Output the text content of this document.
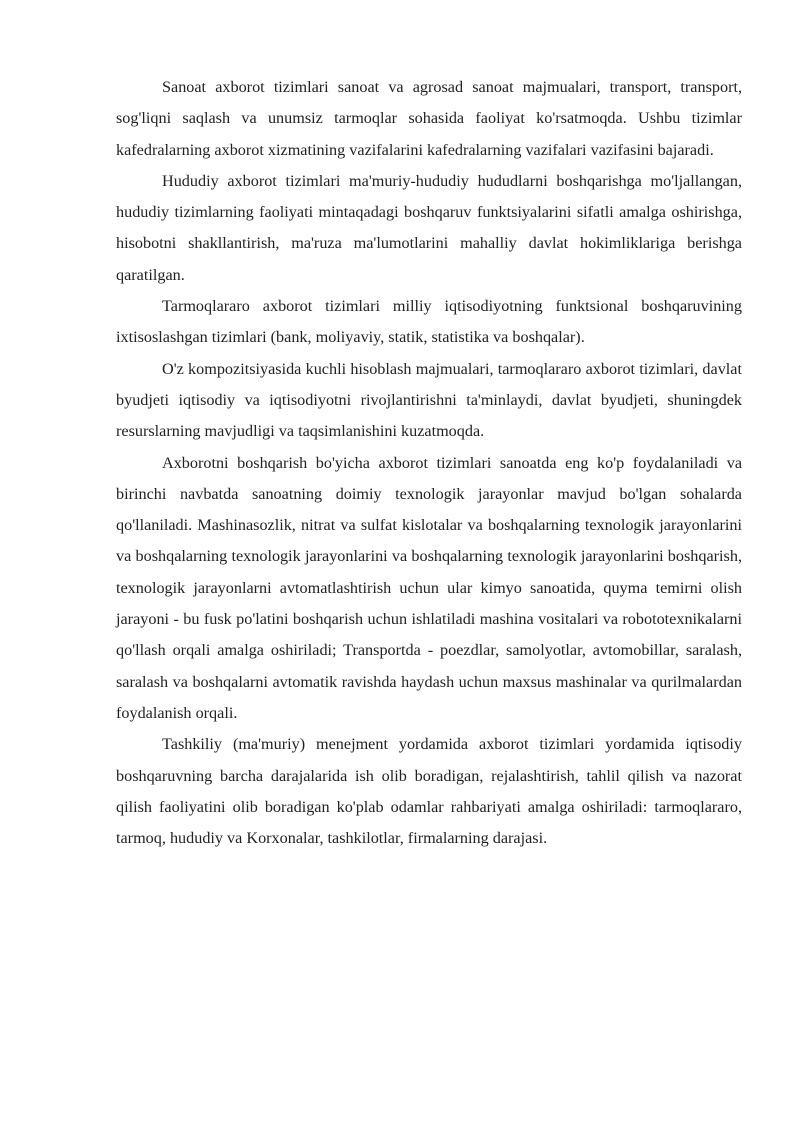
Sanoat axborot tizimlari sanoat va agrosad sanoat majmualari, transport, transport, sog'liqni saqlash va unumsiz tarmoqlar sohasida faoliyat ko'rsatmoqda. Ushbu tizimlar kafedralarning axborot xizmatining vazifalarini kafedralarning vazifalari vazifasini bajaradi.

Hududiy axborot tizimlari ma'muriy-hududiy hududlarni boshqarishga mo'ljallangan, hududiy tizimlarning faoliyati mintaqadagi boshqaruv funktsiyalarini sifatli amalga oshirishga, hisobotni shakllantirish, ma'ruza ma'lumotlarini mahalliy davlat hokimliklariga berishga qaratilgan.

Tarmoqlararo axborot tizimlari milliy iqtisodiyotning funktsional boshqaruvining ixtisoslashgan tizimlari (bank, moliyaviy, statik, statistika va boshqalar).

O'z kompozitsiyasida kuchli hisoblash majmualari, tarmoqlararo axborot tizimlari, davlat byudjeti iqtisodiy va iqtisodiyotni rivojlantirishni ta'minlaydi, davlat byudjeti, shuningdek resurslarning mavjudligi va taqsimlanishini kuzatmoqda.

Axborotni boshqarish bo'yicha axborot tizimlari sanoatda eng ko'p foydalaniladi va birinchi navbatda sanoatning doimiy texnologik jarayonlar mavjud bo'lgan sohalarda qo'llaniladi. Mashinasozlik, nitrat va sulfat kislotalar va boshqalarning texnologik jarayonlarini va boshqalarning texnologik jarayonlarini va boshqalarning texnologik jarayonlarini boshqarish, texnologik jarayonlarni avtomatlashtirish uchun ular kimyo sanoatida, quyma temirni olish jarayoni - bu fusk po'latini boshqarish uchun ishlatiladi mashina vositalari va robototexnikalarni qo'llash orqali amalga oshiriladi; Transportda - poezdlar, samolyotlar, avtomobillar, saralash, saralash va boshqalarni avtomatik ravishda haydash uchun maxsus mashinalar va qurilmalardan foydalanish orqali.

Tashkiliy (ma'muriy) menejment yordamida axborot tizimlari yordamida iqtisodiy boshqaruvning barcha darajalarida ish olib boradigan, rejalashtirish, tahlil qilish va nazorat qilish faoliyatini olib boradigan ko'plab odamlar rahbariyati amalga oshiriladi: tarmoqlararo, tarmoq, hududiy va Korxonalar, tashkilotlar, firmalarning darajasi.
